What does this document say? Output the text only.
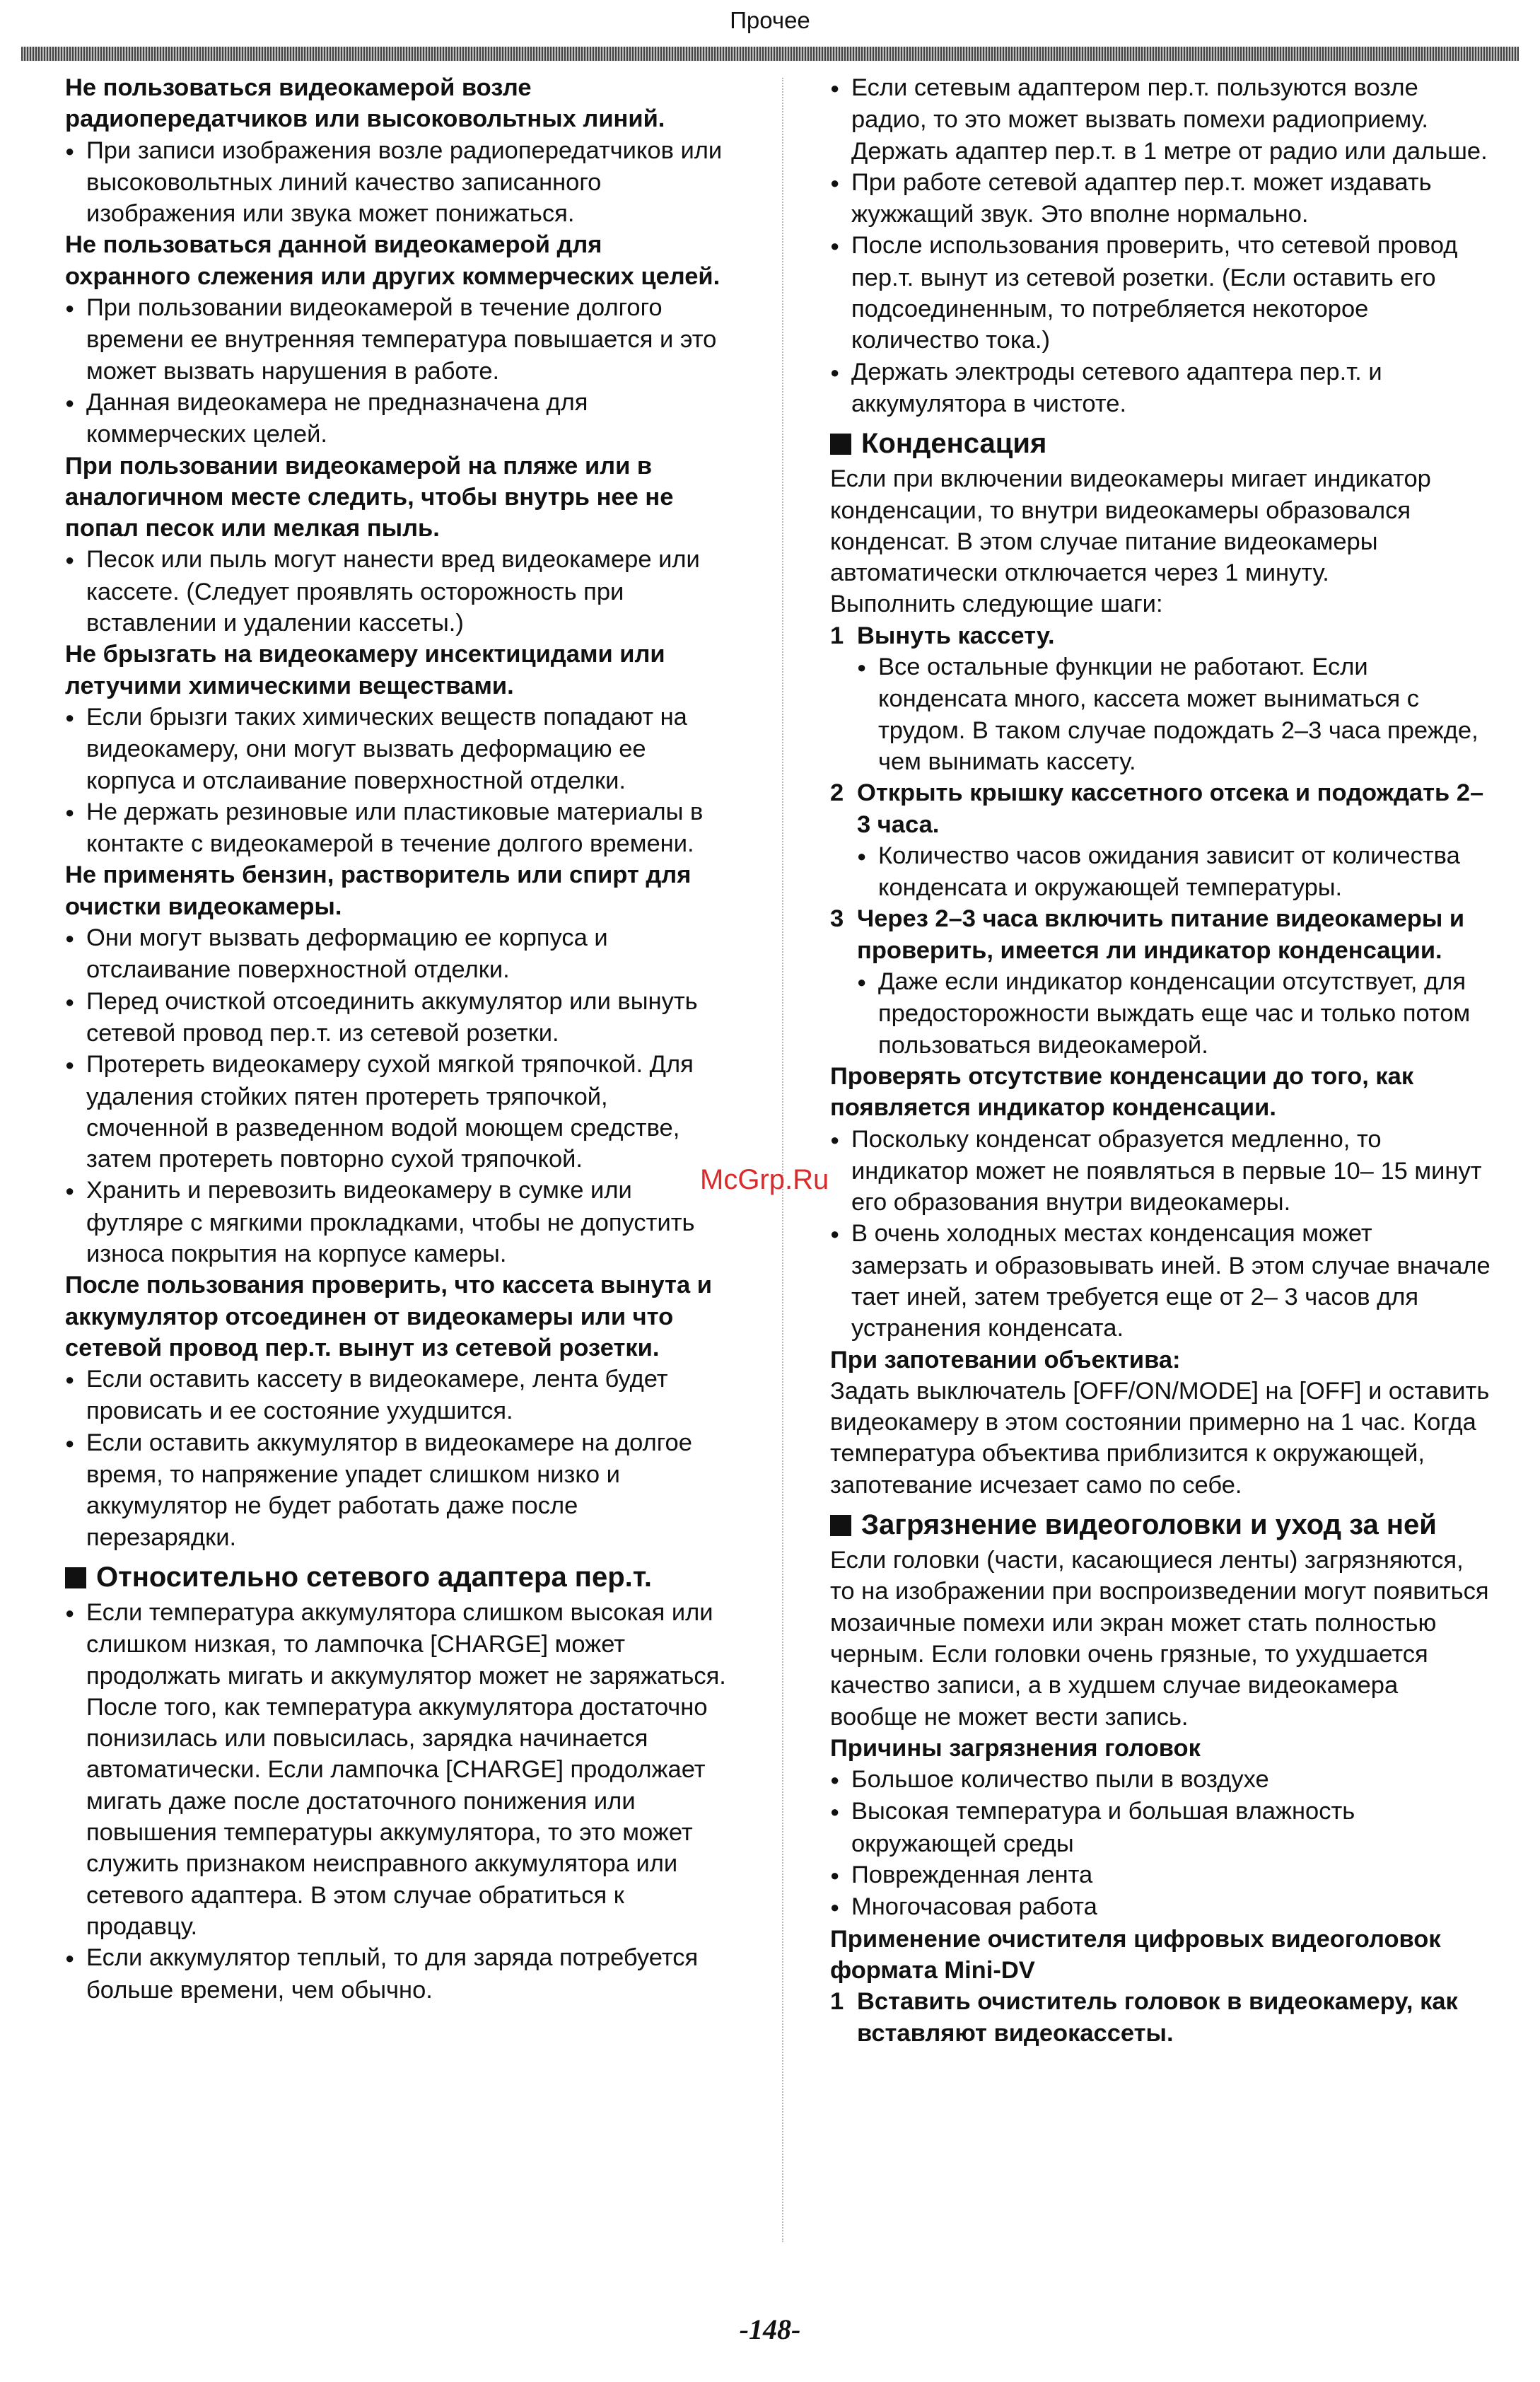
Прочее
Не пользоваться видеокамерой возле радиопередатчиков или высоковольтных линий.
● При записи изображения возле радиопередатчиков или высоковольтных линий качество записанного изображения или звука может понижаться.
Не пользоваться данной видеокамерой для охранного слежения или других коммерческих целей.
● При пользовании видеокамерой в течение долгого времени ее внутренняя температура повышается и это может вызвать нарушения в работе.
● Данная видеокамера не предназначена для коммерческих целей.
При пользовании видеокамерой на пляже или в аналогичном месте следить, чтобы внутрь нее не попал песок или мелкая пыль.
● Песок или пыль могут нанести вред видеокамере или кассете. (Следует проявлять осторожность при вставлении и удалении кассеты.)
Не брызгать на видеокамеру инсектицидами или летучими химическими веществами.
● Если брызги таких химических веществ попадают на видеокамеру, они могут вызвать деформацию ее корпуса и отслаивание поверхностной отделки.
● Не держать резиновые или пластиковые материалы в контакте с видеокамерой в течение долгого времени.
Не применять бензин, растворитель или спирт для очистки видеокамеры.
● Они могут вызвать деформацию ее корпуса и отслаивание поверхностной отделки.
● Перед очисткой отсоединить аккумулятор или вынуть сетевой провод пер.т. из сетевой розетки.
● Протереть видеокамеру сухой мягкой тряпочкой. Для удаления стойких пятен протереть тряпочкой, смоченной в разведенном водой моющем средстве, затем протереть повторно сухой тряпочкой.
● Хранить и перевозить видеокамеру в сумке или футляре с мягкими прокладками, чтобы не допустить износа покрытия на корпусе камеры.
После пользования проверить, что кассета вынута и аккумулятор отсоединен от видеокамеры или что сетевой провод пер.т. вынут из сетевой розетки.
● Если оставить кассету в видеокамере, лента будет провисать и ее состояние ухудшится.
● Если оставить аккумулятор в видеокамере на долгое время, то напряжение упадет слишком низко и аккумулятор не будет работать даже после перезарядки.
Относительно сетевого адаптера пер.т.
● Если температура аккумулятора слишком высокая или слишком низкая, то лампочка [CHARGE] может продолжать мигать и аккумулятор может не заряжаться. После того, как температура аккумулятора достаточно понизилась или повысилась, зарядка начинается автоматически. Если лампочка [CHARGE] продолжает мигать даже после достаточного понижения или повышения температуры аккумулятора, то это может служить признаком неисправного аккумулятора или сетевого адаптера. В этом случае обратиться к продавцу.
● Если аккумулятор теплый, то для заряда потребуется больше времени, чем обычно.
● Если сетевым адаптером пер.т. пользуются возле радио, то это может вызвать помехи радиоприему. Держать адаптер пер.т. в 1 метре от радио или дальше.
● При работе сетевой адаптер пер.т. может издавать жужжащий звук. Это вполне нормально.
● После использования проверить, что сетевой провод пер.т. вынут из сетевой розетки. (Если оставить его подсоединенным, то потребляется некоторое количество тока.)
● Держать электроды сетевого адаптера пер.т. и аккумулятора в чистоте.
Конденсация
Если при включении видеокамеры мигает индикатор конденсации, то внутри видеокамеры образовался конденсат. В этом случае питание видеокамеры автоматически отключается через 1 минуту.
Выполнить следующие шаги:
1 Вынуть кассету.
● Все остальные функции не работают. Если конденсата много, кассета может выниматься с трудом. В таком случае подождать 2–3 часа прежде, чем вынимать кассету.
2 Открыть крышку кассетного отсека и подождать 2–3 часа.
● Количество часов ожидания зависит от количества конденсата и окружающей температуры.
3 Через 2–3 часа включить питание видеокамеры и проверить, имеется ли индикатор конденсации.
● Даже если индикатор конденсации отсутствует, для предосторожности выждать еще час и только потом пользоваться видеокамерой.
Проверять отсутствие конденсации до того, как появляется индикатор конденсации.
● Поскольку конденсат образуется медленно, то индикатор может не появляться в первые 10– 15 минут его образования внутри видеокамеры.
● В очень холодных местах конденсация может замерзать и образовывать иней. В этом случае вначале тает иней, затем требуется еще от 2– 3 часов для устранения конденсата.
При запотевании объектива:
Задать выключатель [OFF/ON/MODE] на [OFF] и оставить видеокамеру в этом состоянии примерно на 1 час. Когда температура объектива приблизится к окружающей, запотевание исчезает само по себе.
Загрязнение видеоголовки и уход за ней
Если головки (части, касающиеся ленты) загрязняются, то на изображении при воспроизведении могут появиться мозаичные помехи или экран может стать полностью черным. Если головки очень грязные, то ухудшается качество записи, а в худшем случае видеокамера вообще не может вести запись.
Причины загрязнения головок
● Большое количество пыли в воздухе
● Высокая температура и большая влажность окружающей среды
● Поврежденная лента
● Многочасовая работа
Применение очистителя цифровых видеоголовок формата Mini-DV
1 Вставить очиститель головок в видеокамеру, как вставляют видеокассеты.
McGrp.Ru
-148-
